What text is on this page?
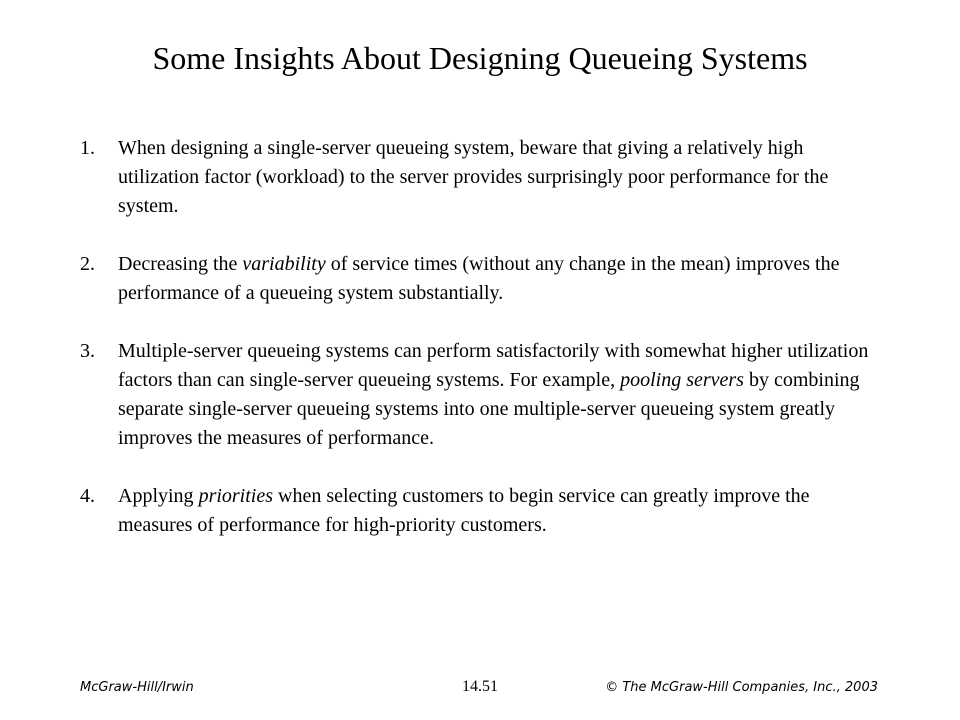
Some Insights About Designing Queueing Systems
1.	When designing a single-server queueing system, beware that giving a relatively high utilization factor (workload) to the server provides surprisingly poor performance for the system.
2.	Decreasing the variability of service times (without any change in the mean) improves the performance of a queueing system substantially.
3.	Multiple-server queueing systems can perform satisfactorily with somewhat higher utilization factors than can single-server queueing systems. For example, pooling servers by combining separate single-server queueing systems into one multiple-server queueing system greatly improves the measures of performance.
4.	Applying priorities when selecting customers to begin service can greatly improve the measures of performance for high-priority customers.
McGraw-Hill/Irwin	14.51	© The McGraw-Hill Companies, Inc., 2003
